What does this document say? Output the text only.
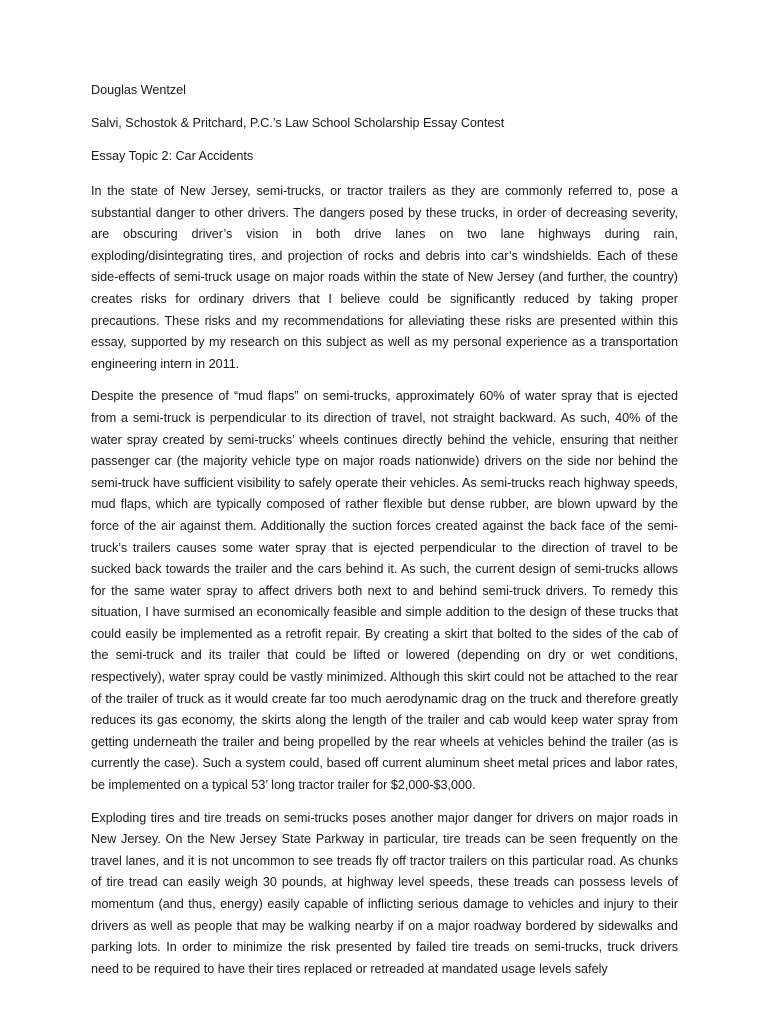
Douglas Wentzel
Salvi, Schostok & Pritchard, P.C.’s Law School Scholarship Essay Contest
Essay Topic 2: Car Accidents

In the state of New Jersey, semi-trucks, or tractor trailers as they are commonly referred to, pose a substantial danger to other drivers. The dangers posed by these trucks, in order of decreasing severity, are obscuring driver’s vision in both drive lanes on two lane highways during rain, exploding/disintegrating tires, and projection of rocks and debris into car’s windshields. Each of these side-effects of semi-truck usage on major roads within the state of New Jersey (and further, the country) creates risks for ordinary drivers that I believe could be significantly reduced by taking proper precautions. These risks and my recommendations for alleviating these risks are presented within this essay, supported by my research on this subject as well as my personal experience as a transportation engineering intern in 2011.

Despite the presence of “mud flaps” on semi-trucks, approximately 60% of water spray that is ejected from a semi-truck is perpendicular to its direction of travel, not straight backward. As such, 40% of the water spray created by semi-trucks’ wheels continues directly behind the vehicle, ensuring that neither passenger car (the majority vehicle type on major roads nationwide) drivers on the side nor behind the semi-truck have sufficient visibility to safely operate their vehicles. As semi-trucks reach highway speeds, mud flaps, which are typically composed of rather flexible but dense rubber, are blown upward by the force of the air against them. Additionally the suction forces created against the back face of the semi-truck’s trailers causes some water spray that is ejected perpendicular to the direction of travel to be sucked back towards the trailer and the cars behind it. As such, the current design of semi-trucks allows for the same water spray to affect drivers both next to and behind semi-truck drivers. To remedy this situation, I have surmised an economically feasible and simple addition to the design of these trucks that could easily be implemented as a retrofit repair. By creating a skirt that bolted to the sides of the cab of the semi-truck and its trailer that could be lifted or lowered (depending on dry or wet conditions, respectively), water spray could be vastly minimized. Although this skirt could not be attached to the rear of the trailer of truck as it would create far too much aerodynamic drag on the truck and therefore greatly reduces its gas economy, the skirts along the length of the trailer and cab would keep water spray from getting underneath the trailer and being propelled by the rear wheels at vehicles behind the trailer (as is currently the case). Such a system could, based off current aluminum sheet metal prices and labor rates, be implemented on a typical 53’ long tractor trailer for $2,000-$3,000.

Exploding tires and tire treads on semi-trucks poses another major danger for drivers on major roads in New Jersey. On the New Jersey State Parkway in particular, tire treads can be seen frequently on the travel lanes, and it is not uncommon to see treads fly off tractor trailers on this particular road. As chunks of tire tread can easily weigh 30 pounds, at highway level speeds, these treads can possess levels of momentum (and thus, energy) easily capable of inflicting serious damage to vehicles and injury to their drivers as well as people that may be walking nearby if on a major roadway bordered by sidewalks and parking lots. In order to minimize the risk presented by failed tire treads on semi-trucks, truck drivers need to be required to have their tires replaced or retreaded at mandated usage levels safely
